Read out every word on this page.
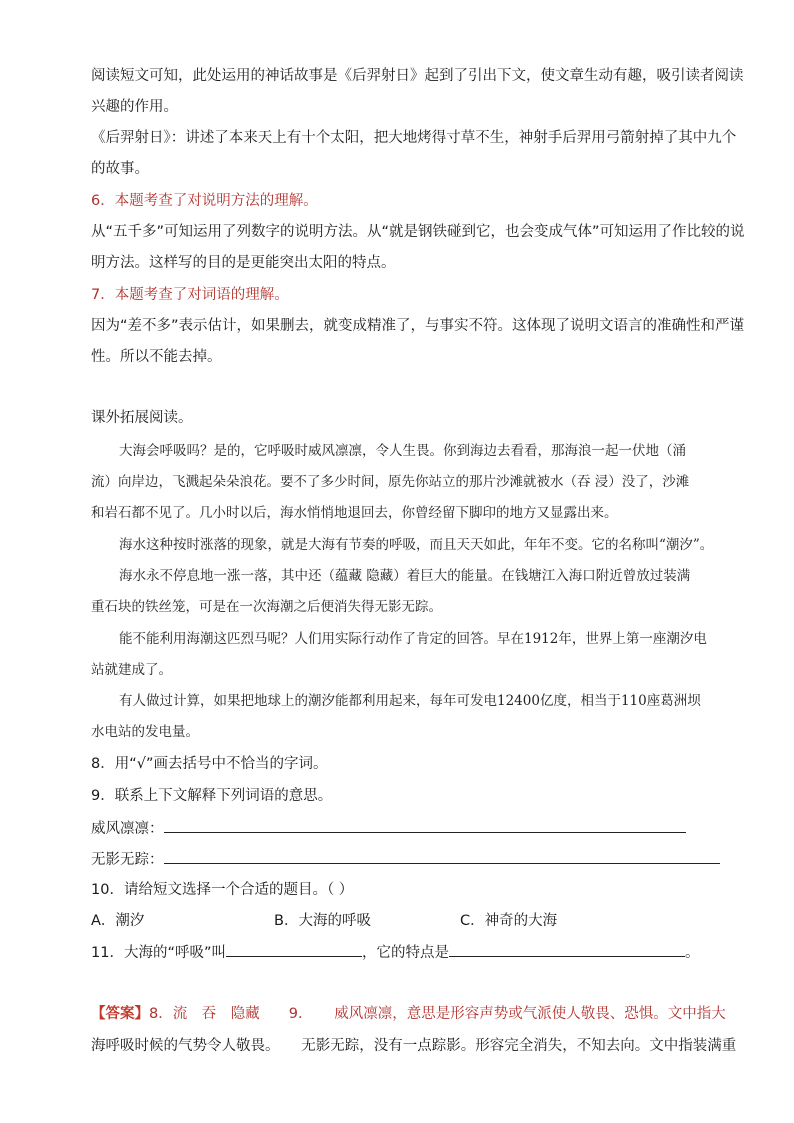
阅读短文可知，此处运用的神话故事是《后羿射日》起到了引出下文，使文章生动有趣，吸引读者阅读
兴趣的作用。
《后羿射日》：讲述了本来天上有十个太阳，把大地烤得寸草不生，神射手后羿用弓箭射掉了其中九个
的故事。
6．本题考查了对说明方法的理解。
从“五千多”可知运用了列数字的说明方法。从“就是钢铁碰到它，也会变成气体”可知运用了作比较的说
明方法。这样写的目的是更能突出太阳的特点。
7．本题考查了对词语的理解。
因为“差不多”表示估计，如果删去，就变成精准了，与事实不符。这体现了说明文语言的准确性和严谨
性。所以不能去掉。
课外拓展阅读。
大海会呼吸吗？是的，它呼吸时威风凛凛，令人生畏。你到海边去看看，那海浪一起一伏地（涌
流）向岸边，飞溅起朵朵浪花。要不了多少时间，原先你站立的那片沙滩就被水（吞 浸）没了，沙滩
和岩石都不见了。几小时以后，海水悄悄地退回去，你曾经留下脚印的地方又显露出来。
海水这种按时涨落的现象，就是大海有节奏的呼吸，而且天天如此，年年不变。它的名称叫“潮汐”。
海水永不停息地一涨一落，其中还（蕴藏 隐藏）着巨大的能量。在钱塘江入海口附近曾放过装满
重石块的铁丝笼，可是在一次海潮之后便消失得无影无踪。
能不能利用海潮这匹烈马呢？人们用实际行动作了肯定的回答。早在1912年，世界上第一座潮汐电
站就建成了。
有人做过计算，如果把地球上的潮汐能都利用起来，每年可发电12400亿度，相当于110座葛洲坝
水电站的发电量。
8．用“√”画去括号中不恰当的字词。
9．联系上下文解释下列词语的意思。
威风凛凛：
无影无踪：
10．请给短文选择一个合适的题目。（ ）
A．潮汐	B．大海的呼吸	C．神奇的大海
11．大海的“呼吸”叫	，它的特点是	。
【答案】8．流　吞　隐藏　　9．　　威风凛凛，意思是形容声势或气派使人敬畏、恐惧。文中指大
海呼吸时候的气势令人敬畏。　　无影无踪，没有一点踪影。形容完全消失，不知去向。文中指装满重
